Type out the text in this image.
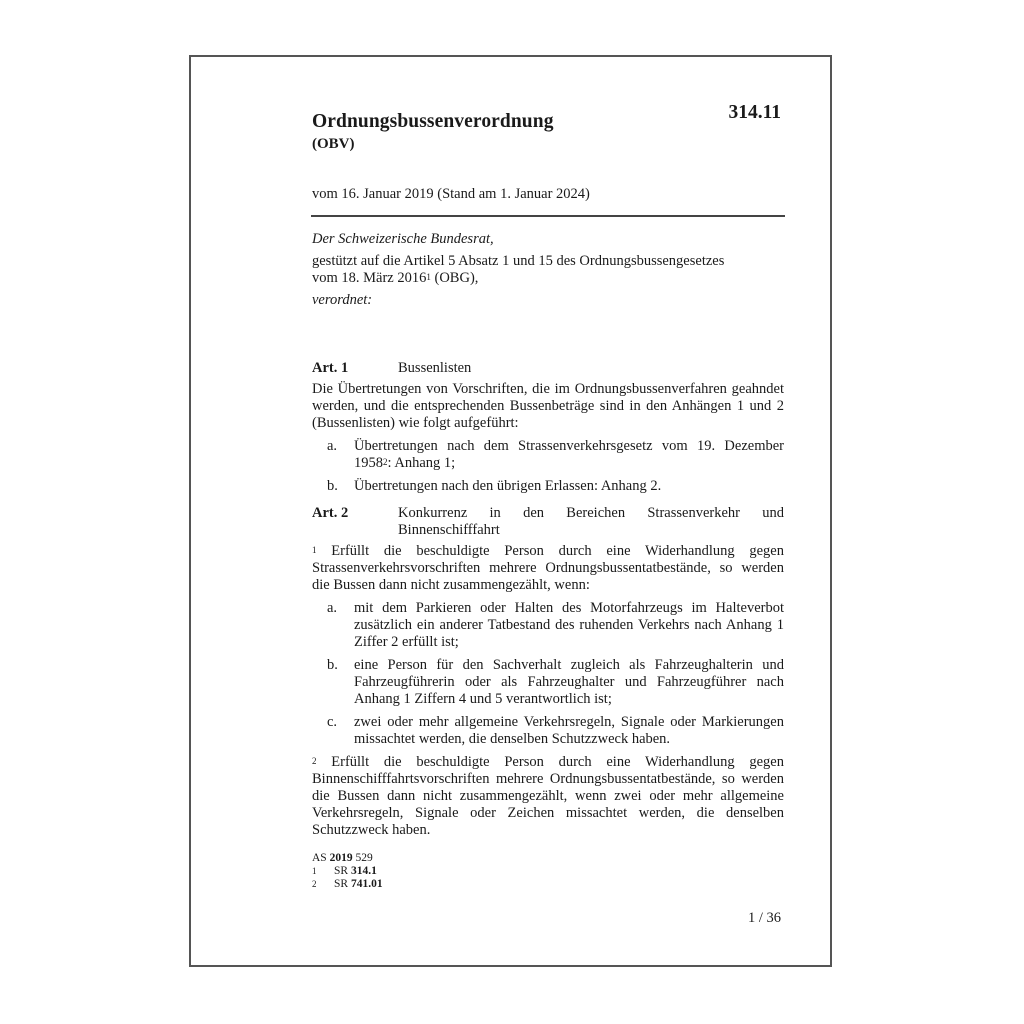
Ordnungsbussenverordnung
(OBV)
314.11
vom 16. Januar 2019 (Stand am 1. Januar 2024)
Der Schweizerische Bundesrat,
gestützt auf die Artikel 5 Absatz 1 und 15 des Ordnungsbussengesetzes
vom 18. März 2016$^1$ (OBG),
verordnet:
Art. 1	Bussenlisten
Die Übertretungen von Vorschriften, die im Ordnungsbussenverfahren geahndet werden, und die entsprechenden Bussenbeträge sind in den Anhängen 1 und 2 (Bussenlisten) wie folgt aufgeführt:
a.	Übertretungen nach dem Strassenverkehrsgesetz vom 19. Dezember 1958$^2$: Anhang 1;
b.	Übertretungen nach den übrigen Erlassen: Anhang 2.
Art. 2	Konkurrenz in den Bereichen Strassenverkehr und Binnenschifffahrt
$^1$ Erfüllt die beschuldigte Person durch eine Widerhandlung gegen Strassenverkehrsvorschriften mehrere Ordnungsbussentatbestände, so werden die Bussen dann nicht zusammengezählt, wenn:
a.	mit dem Parkieren oder Halten des Motorfahrzeugs im Halteverbot zusätzlich ein anderer Tatbestand des ruhenden Verkehrs nach Anhang 1 Ziffer 2 erfüllt ist;
b.	eine Person für den Sachverhalt zugleich als Fahrzeughalterin und Fahrzeugführerin oder als Fahrzeughalter und Fahrzeugführer nach Anhang 1 Ziffern 4 und 5 verantwortlich ist;
c.	zwei oder mehr allgemeine Verkehrsregeln, Signale oder Markierungen missachtet werden, die denselben Schutzzweck haben.
$^2$ Erfüllt die beschuldigte Person durch eine Widerhandlung gegen Binnenschifffahrtsvorschriften mehrere Ordnungsbussentatbestände, so werden die Bussen dann nicht zusammengezählt, wenn zwei oder mehr allgemeine Verkehrsregeln, Signale oder Zeichen missachtet werden, die denselben Schutzzweck haben.
AS 2019 529
1	SR
314.1
2	SR
741.01
1 / 36
